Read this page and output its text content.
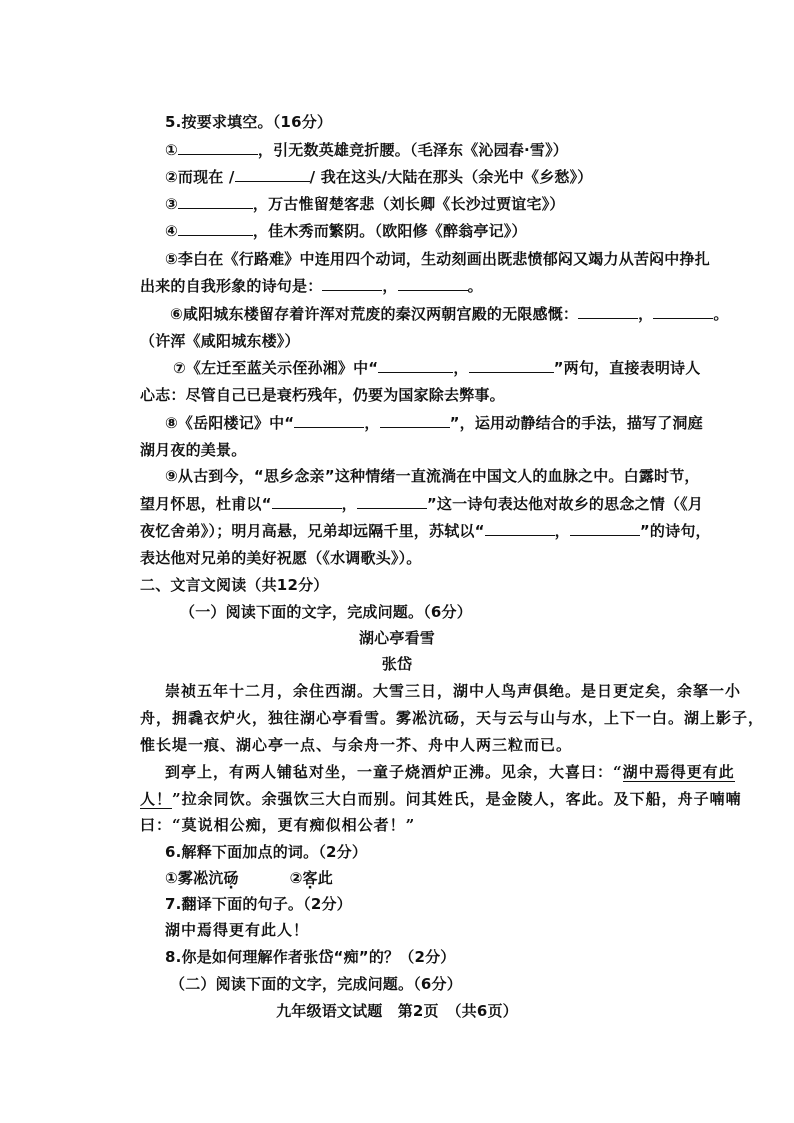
5.按要求填空。（16分）
①	，引无数英雄竞折腰。（毛泽东《沁园春·雪》）
②而现在 /	/ 我在这头/大陆在那头（余光中《乡愁》）
③	，万古惟留楚客悲（刘长卿《长沙过贾谊宅》）
④	，佳木秀而繁阴。（欧阳修《醉翁亭记》）
⑤李白在《行路难》中连用四个动词，生动刻画出既悲愤郁闷又竭力从苦闷中挣扎
出来的自我形象的诗句是：	，	。
⑥咸阳城东楼留存着许浑对荒废的秦汉两朝宫殿的无限感慨：	，	。
（许浑《咸阳城东楼》）
⑦《左迁至蓝关示侄孙湘》中“	，	”两句，直接表明诗人
心志：尽管自己已是衰朽残年，仍要为国家除去弊事。
⑧《岳阳楼记》中“	，	”，运用动静结合的手法，描写了洞庭
湖月夜的美景。
⑨从古到今，“思乡念亲”这种情绪一直流淌在中国文人的血脉之中。白露时节，
望月怀思，杜甫以“	，	”这一诗句表达他对故乡的思念之情（《月
夜忆舍弟》）；明月高悬，兄弟却远隔千里，苏轼以“	，	”的诗句，
表达他对兄弟的美好祝愿（《水调歌头》）。
二、文言文阅读（共12分）
（一）阅读下面的文字，完成问题。（6分）
湖心亭看雪
张岱
崇祯五年十二月，余住西湖。大雪三日，湖中人鸟声俱绝。是日更定矣，余拏一小
舟，拥毳衣炉火，独往湖心亭看雪。雾凇沆砀，天与云与山与水，上下一白。湖上影子，
惟长堤一痕、湖心亭一点、与余舟一芥、舟中人两三粒而已。
到亭上，有两人铺毡对坐，一童子烧酒炉正沸。见余，大喜曰：“湖中焉得更有此
人！”拉余同饮。余强饮三大白而别。问其姓氏，是金陵人，客此。及下船，舟子喃喃
曰：“莫说相公痴，更有痴似相公者！”
6.解释下面加点的词。（2分）
①雾凇沆砀	②客此
7.翻译下面的句子。（2分）
湖中焉得更有此人！
8.你是如何理解作者张岱“痴”的？（2分）
（二）阅读下面的文字，完成问题。（6分）
九年级语文试题　第2页　（共6页）
